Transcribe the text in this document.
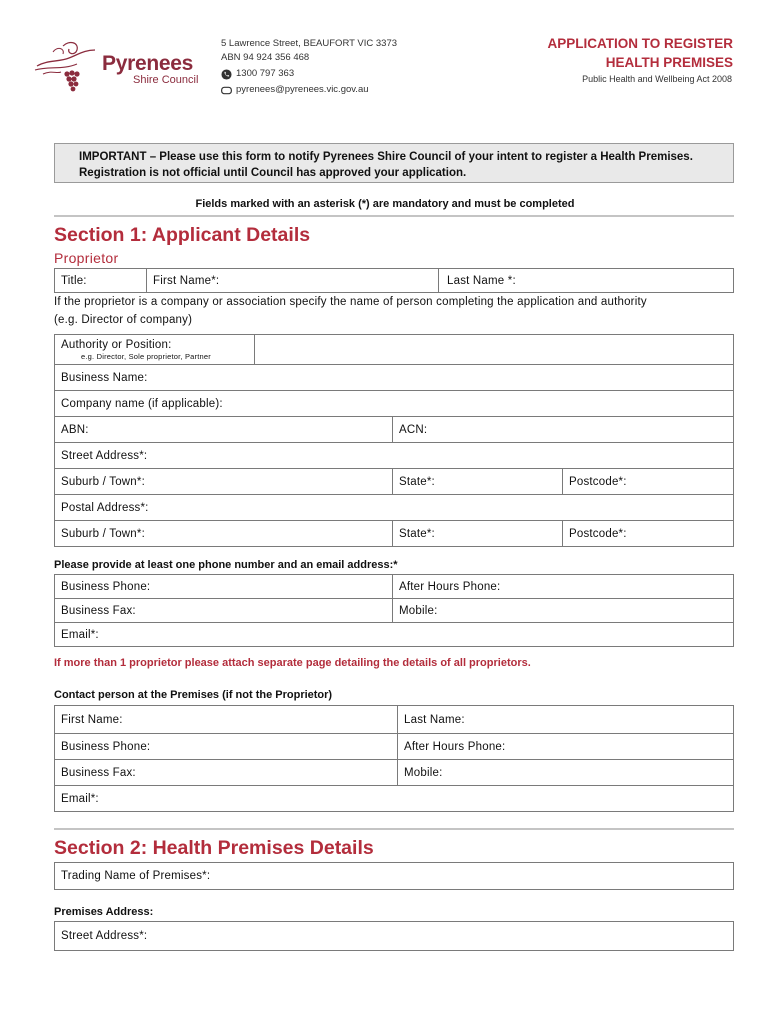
Pyrenees
Shire Council
5 Lawrence Street, BEAUFORT VIC 3373
ABN 94 924 356 468
1300 797 363
pyrenees@pyrenees.vic.gov.au
APPLICATION TO REGISTER
HEALTH PREMISES
Public Health and Wellbeing Act 2008
IMPORTANT – Please use this form to notify Pyrenees Shire Council of your intent to register a Health Premises.
Registration is not official until Council has approved your application.
Fields marked with an asterisk (*) are mandatory and must be completed
Section 1: Applicant Details
Proprietor
Title:	First Name*:	Last Name *:
If the proprietor is a company or association specify the name of person completing the application and authority
(e.g. Director of company)
Authority or Position:
e.g. Director, Sole proprietor, Partner

Business Name:		
Company name (if applicable):		
ABN:	ACN:	
Street Address*:		
Suburb / Town*:	State*:	Postcode*:
Postal Address*:		
Suburb / Town*:	State*:	Postcode*:
Please provide at least one phone number and an email address:*
Business Phone:	After Hours Phone:
Business Fax:	Mobile:
Email*:	
If more than 1 proprietor please attach separate page detailing the details of all proprietors.
Contact person at the Premises (if not the Proprietor)
First Name:	Last Name:
Business Phone:	After Hours Phone:
Business Fax:	Mobile:
Email*:	
Section 2: Health Premises Details
Trading Name of Premises*:
Premises Address:
Street Address*:
